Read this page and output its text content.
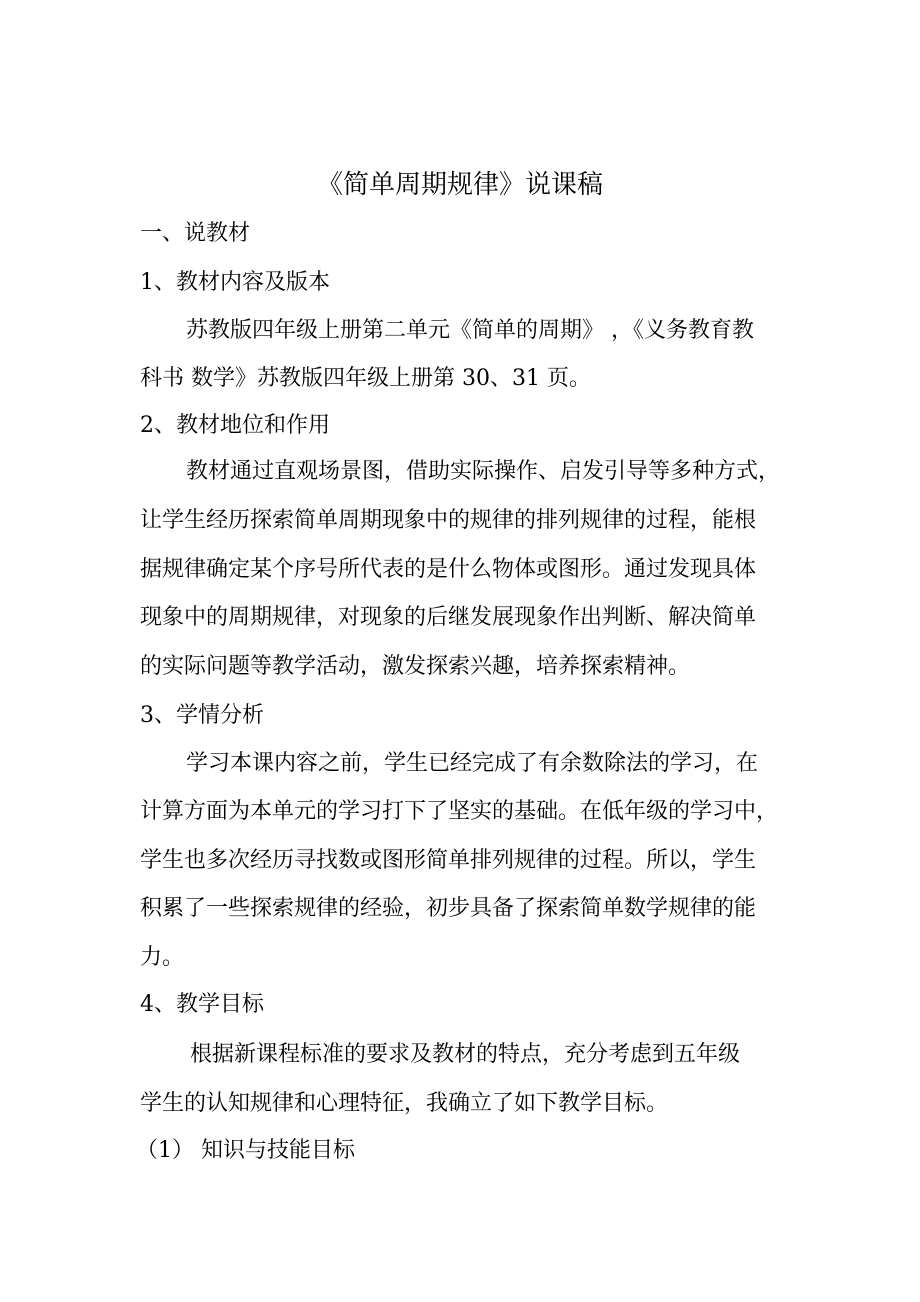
《简单周期规律》说课稿
一、说教材
1、教材内容及版本
苏教版四年级上册第二单元《简单的周期》 ，《义务教育教
科书 数学》苏教版四年级上册第 30、31 页。
2、教材地位和作用
教材通过直观场景图，借助实际操作、启发引导等多种方式，
让学生经历探索简单周期现象中的规律的排列规律的过程，能根
据规律确定某个序号所代表的是什么物体或图形。通过发现具体
现象中的周期规律，对现象的后继发展现象作出判断、解决简单
的实际问题等教学活动，激发探索兴趣，培养探索精神。
3、学情分析
学习本课内容之前，学生已经完成了有余数除法的学习，在
计算方面为本单元的学习打下了坚实的基础。在低年级的学习中，
学生也多次经历寻找数或图形简单排列规律的过程。所以，学生
积累了一些探索规律的经验，初步具备了探索简单数学规律的能
力。
4、教学目标
根据新课程标准的要求及教材的特点，充分考虑到五年级
学生的认知规律和心理特征，我确立了如下教学目标。
（1） 知识与技能目标
